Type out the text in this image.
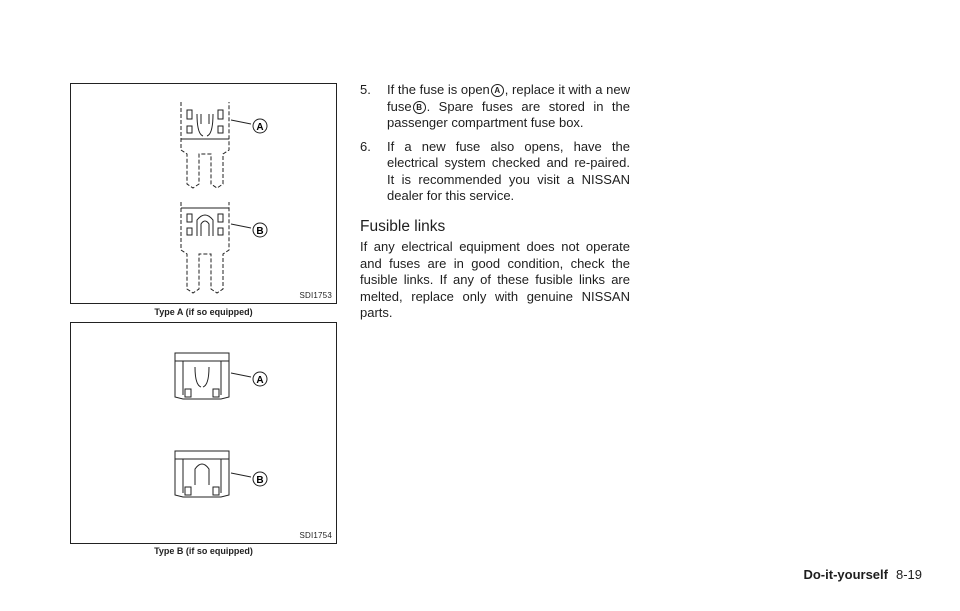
A
B
SDI1753
Type A (if so equipped)
A
B
SDI1754
Type B (if so equipped)

5. If the fuse is open A , replace it with a new fuse B . Spare fuses are stored in the passenger compartment fuse box.

6. If a new fuse also opens, have the electrical system checked and re-paired. It is recommended you visit a NISSAN dealer for this service.

Fusible links

If any electrical equipment does not operate and fuses are in good condition, check the fusible links. If any of these fusible links are melted, replace only with genuine NISSAN parts.

Do-it-yourself 8-19
